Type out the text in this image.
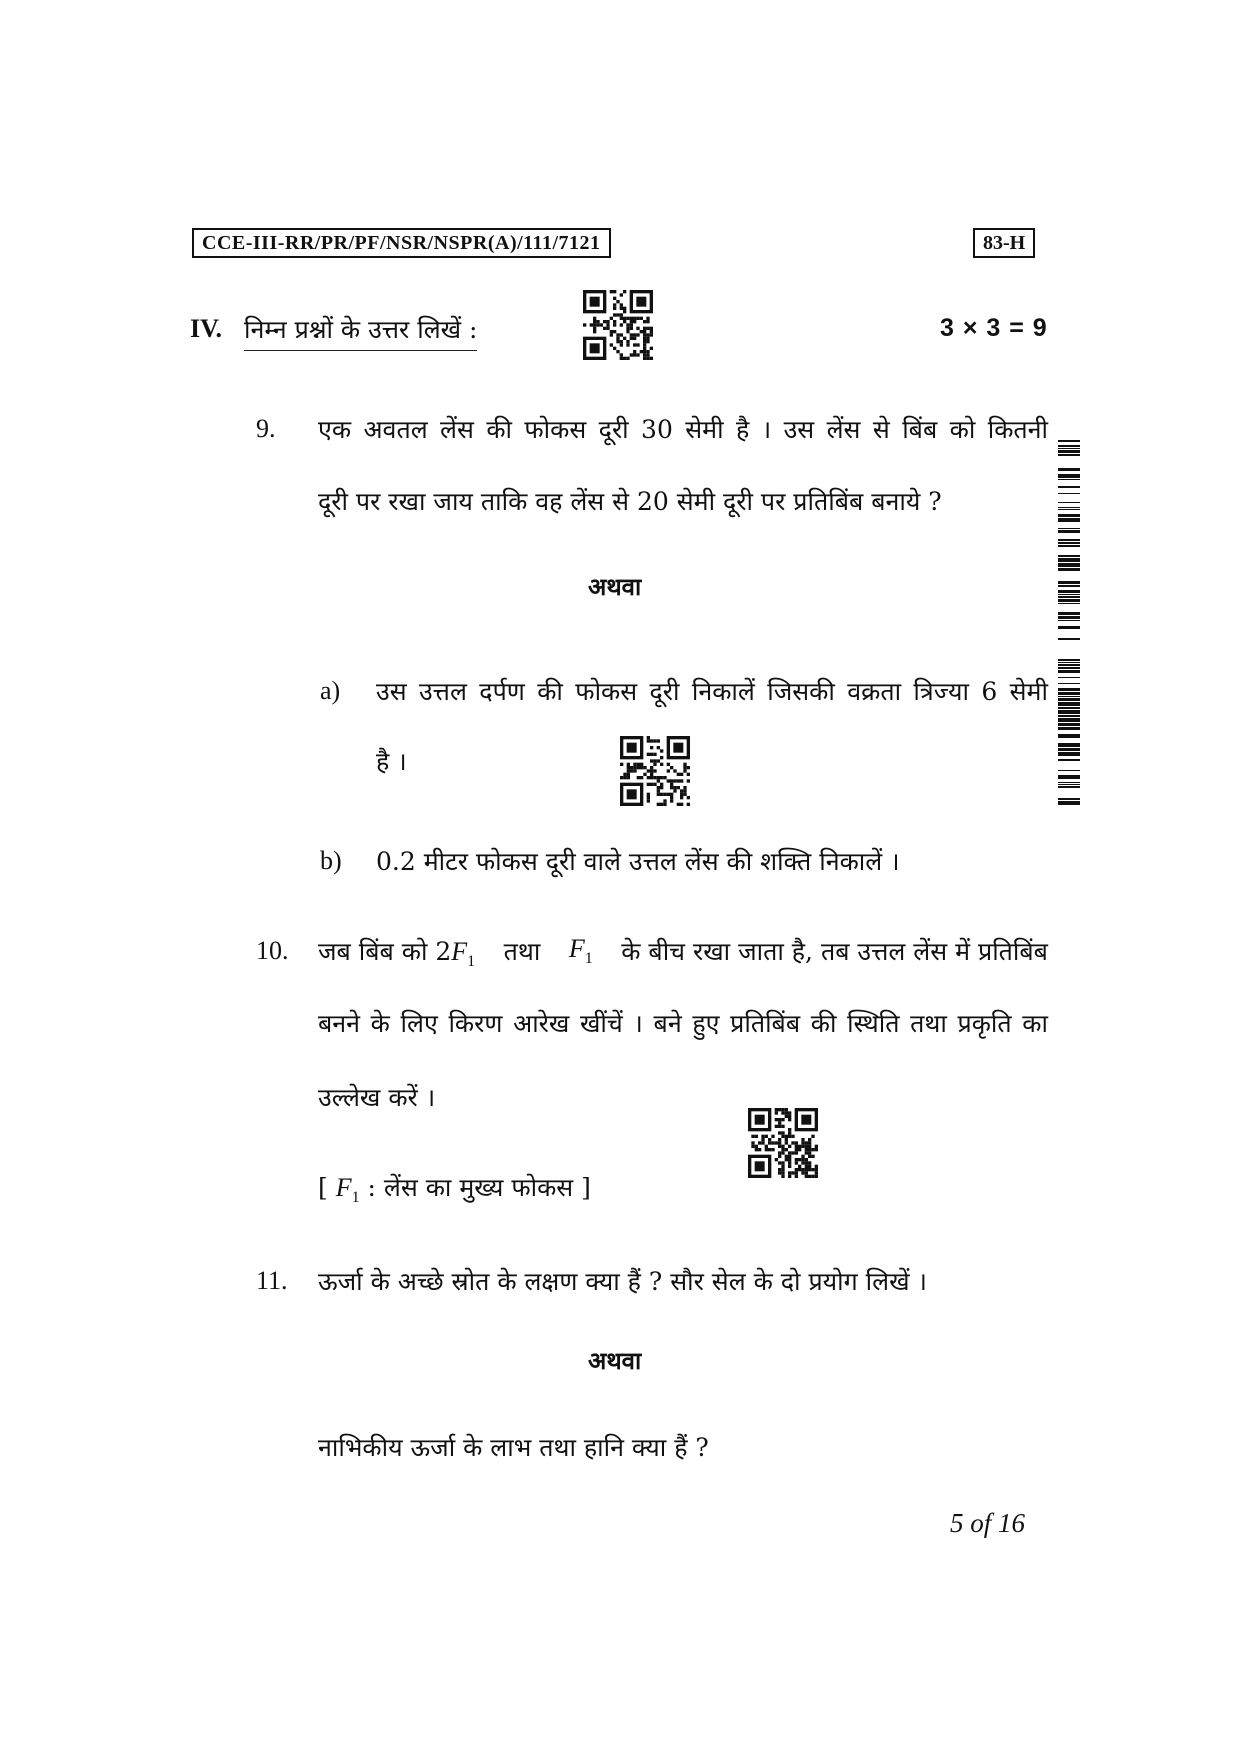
CCE-III-RR/PR/PF/NSR/NSPR(A)/111/7121	83-H
IV. निम्न प्रश्नों के उत्तर लिखें :	3 × 3 = 9
9. एक अवतल लेंस की फोकस दूरी 30 सेमी है । उस लेंस से बिंब को कितनी
दूरी पर रखा जाय ताकि वह लेंस से 20 सेमी दूरी पर प्रतिबिंब बनाये ?
अथवा
a) उस उत्तल दर्पण की फोकस दूरी निकालें जिसकी वक्रता त्रिज्या 6 सेमी
है ।
b) 0.2 मीटर फोकस दूरी वाले उत्तल लेंस की शक्ति निकालें ।
10. जब बिंब को $2F_1$ तथा $F_1$ के बीच रखा जाता है, तब उत्तल लेंस में प्रतिबिंब
बनने के लिए किरण आरेख खींचें । बने हुए प्रतिबिंब की स्थिति तथा प्रकृति का
उल्लेख करें ।
[ $F_1$ : लेंस का मुख्य फोकस ]
11. ऊर्जा के अच्छे स्रोत के लक्षण क्या हैं ? सौर सेल के दो प्रयोग लिखें ।
अथवा
नाभिकीय ऊर्जा के लाभ तथा हानि क्या हैं ?
5 of 16
